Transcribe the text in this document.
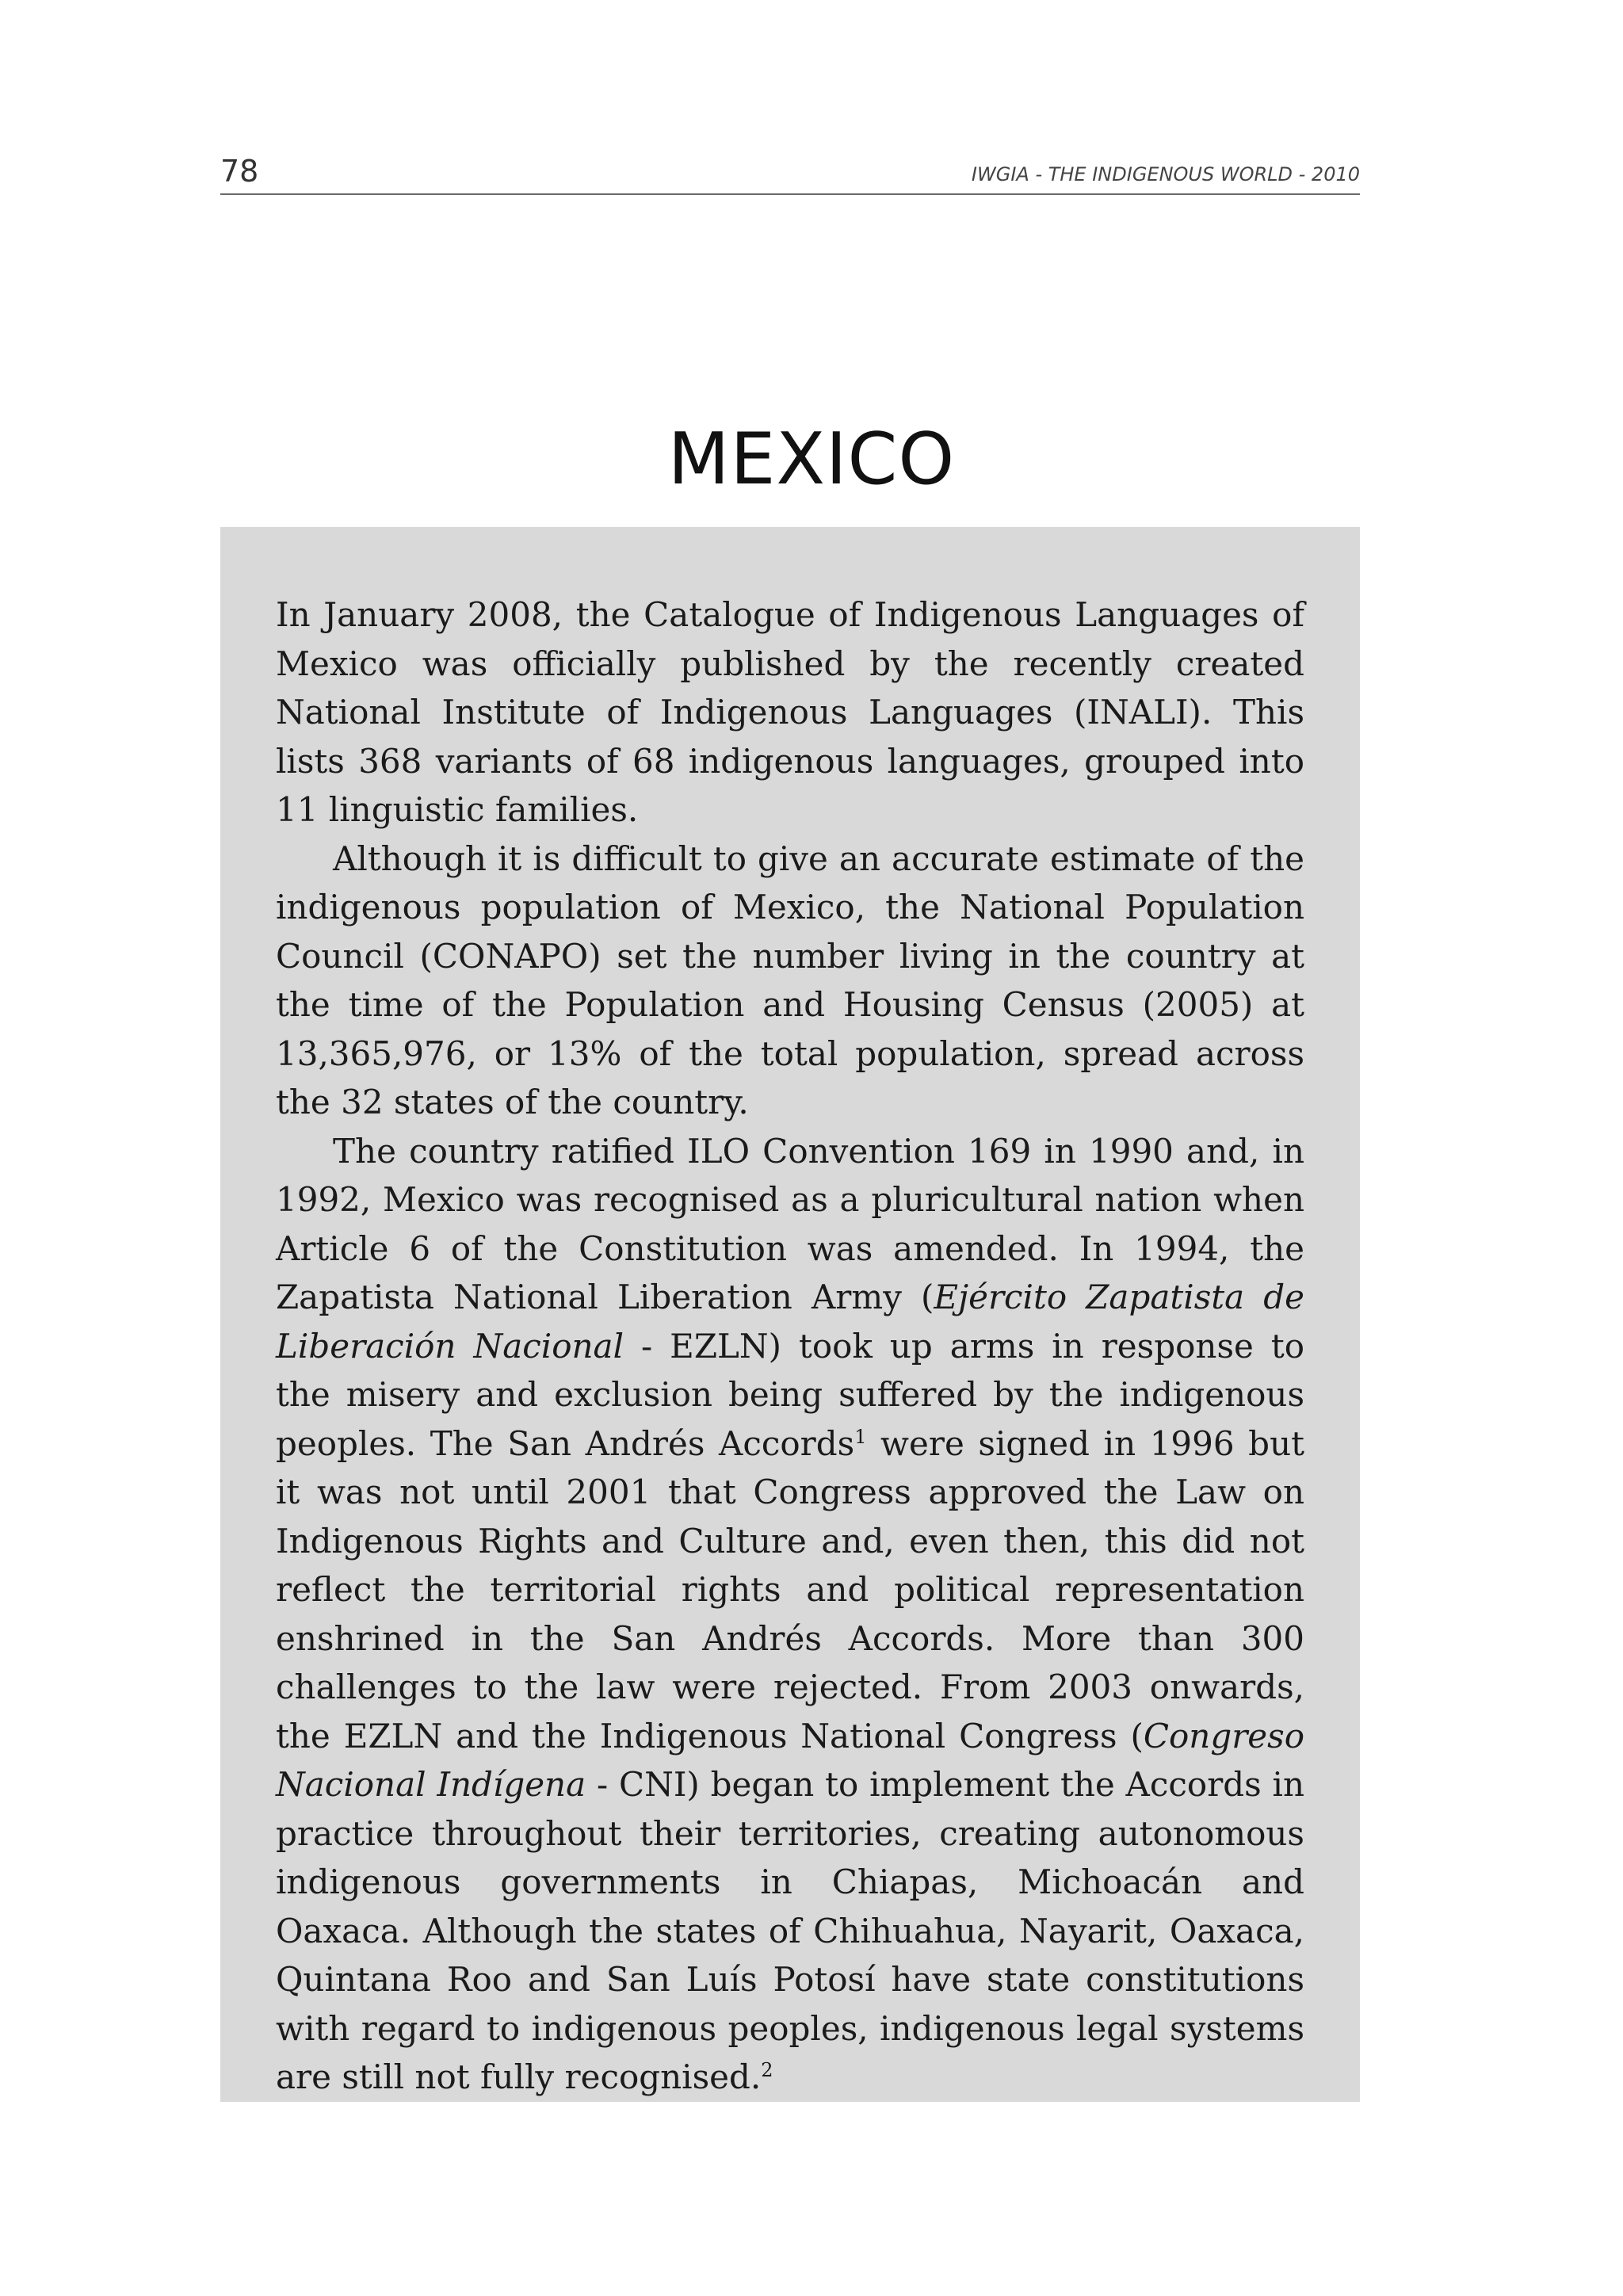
78	IWGIA - THE INDIGENOUS WORLD - 2010
MEXICO

In January 2008, the Catalogue of Indigenous Languages of Mexico was officially published by the recently created National Institute of Indigenous Languages (INALI). This lists 368 variants of 68 indigenous languages, grouped into 11 linguistic families.

Although it is difficult to give an accurate estimate of the indigenous population of Mexico, the National Population Council (CONAPO) set the number living in the country at the time of the Population and Housing Census (2005) at 13,365,976, or 13% of the total population, spread across the 32 states of the country.

The country ratified ILO Convention 169 in 1990 and, in 1992, Mexico was recognised as a pluricultural nation when Article 6 of the Constitution was amended. In 1994, the Zapatista National Liberation Army (Ejército Zapatista de Liberación Nacional - EZLN) took up arms in response to the misery and exclusion being suffered by the indigenous peoples. The San Andrés Accords$^1$ were signed in 1996 but it was not until 2001 that Congress approved the Law on Indigenous Rights and Culture and, even then, this did not reflect the territorial rights and political representation enshrined in the San Andrés Accords. More than 300 challenges to the law were rejected. From 2003 onwards, the EZLN and the Indigenous National Congress (Congreso Nacional Indígena - CNI) began to implement the Accords in practice throughout their territories, creating autonomous indigenous governments in Chiapas, Michoacán and Oaxaca. Although the states of Chihuahua, Nayarit, Oaxaca, Quintana Roo and San Luís Potosí have state constitutions with regard to indigenous peoples, indigenous legal systems are still not fully recognised.$^2$
